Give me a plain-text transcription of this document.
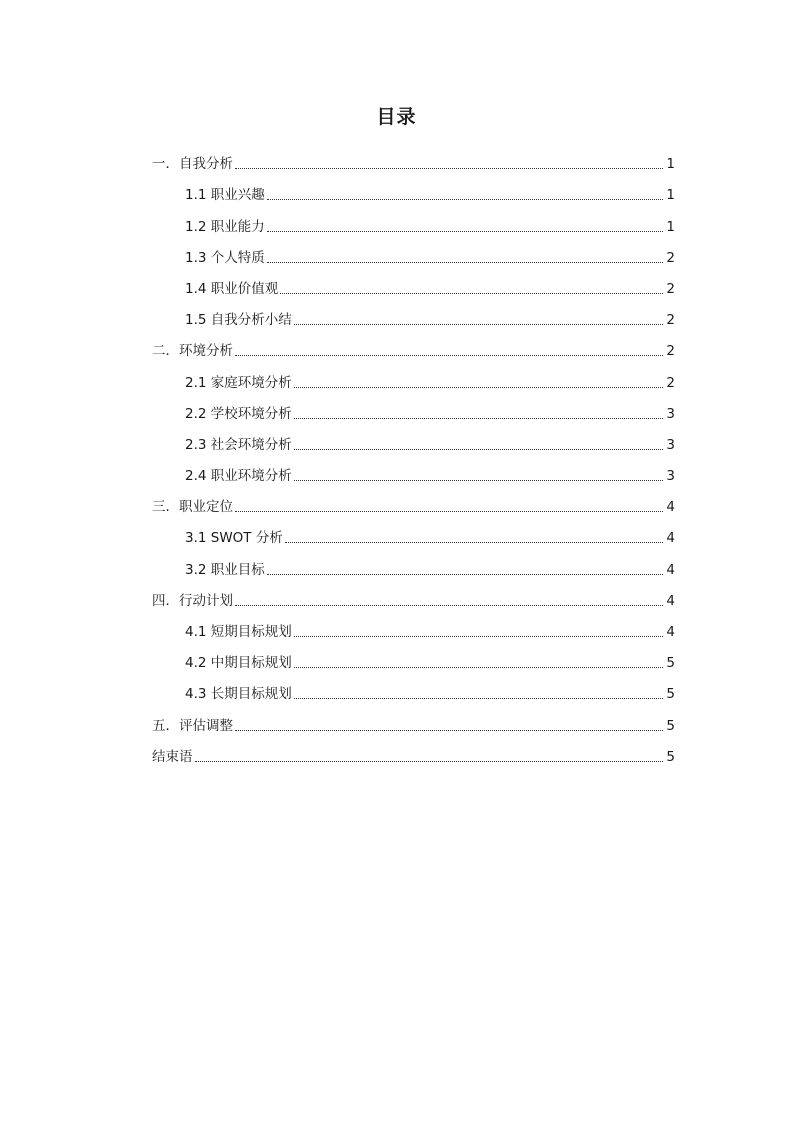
目录
一．自我分析	1
1.1 职业兴趣	1
1.2 职业能力	1
1.3 个人特质	2
1.4 职业价值观	2
1.5 自我分析小结	2
二．环境分析	2
2.1 家庭环境分析	2
2.2 学校环境分析	3
2.3 社会环境分析	3
2.4 职业环境分析	3
三．职业定位	4
3.1 SWOT 分析	4
3.2 职业目标	4
四．行动计划	4
4.1 短期目标规划	4
4.2 中期目标规划	5
4.3 长期目标规划	5
五．评估调整	5
结束语	5
